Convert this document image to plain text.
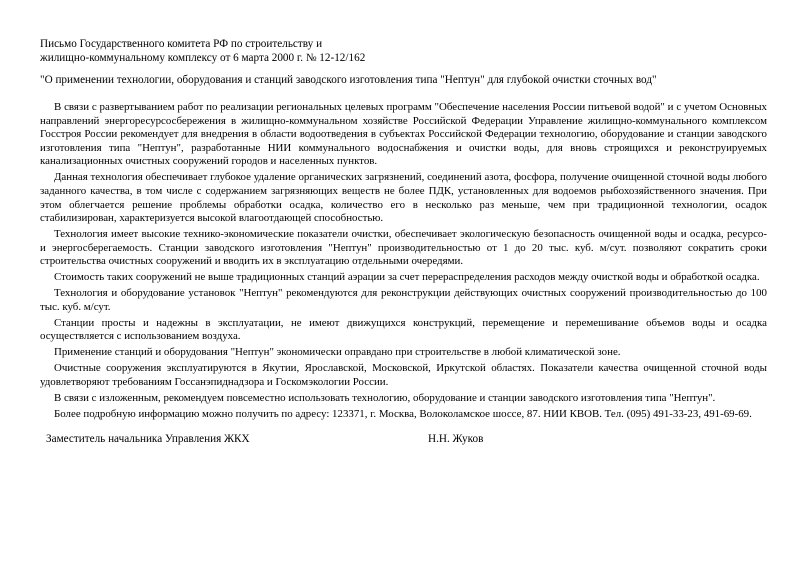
Письмо Государственного комитета РФ по строительству и
жилищно-коммунальному комплексу от 6 марта 2000 г. № 12-12/162
"О применении технологии, оборудования и станций заводского изготовления типа "Нептун" для глубокой очистки сточных вод"

В связи с развертыванием работ по реализации региональных целевых программ "Обеспечение населения России питьевой водой" и с учетом Основных направлений энергоресурсосбережения в жилищно-коммунальном хозяйстве Российской Федерации Управление жилищно-коммунального комплексом Госстроя России рекомендует для внедрения в области водоотведения в субъектах Российской Федерации технологию, оборудование и станции заводского изготовления типа "Нептун", разработанные НИИ коммунального водоснабжения и очистки воды, для вновь строящихся и реконструируемых канализационных очистных сооружений городов и населенных пунктов.

Данная технология обеспечивает глубокое удаление органических загрязнений, соединений азота, фосфора, получение очищенной сточной воды любого заданного качества, в том числе с содержанием загрязняющих веществ не более ПДК, установленных для водоемов рыбохозяйственного значения. При этом облегчается решение проблемы обработки осадка, количество его в несколько раз меньше, чем при традиционной технологии, осадок стабилизирован, характеризуется высокой влагоотдающей способностью.

Технология имеет высокие технико-экономические показатели очистки, обеспечивает экологическую безопасность очищенной воды и осадка, ресурсо- и энергосберегаемость. Станции заводского изготовления "Нептун" производительностью от 1 до 20 тыс. куб. м/сут. позволяют сократить сроки строительства очистных сооружений и вводить их в эксплуатацию отдельными очередями.

Стоимость таких сооружений не выше традиционных станций аэрации за счет перераспределения расходов между очисткой воды и обработкой осадка.

Технология и оборудование установок "Нептун" рекомендуются для реконструкции действующих очистных сооружений производительностью до 100 тыс. куб. м/сут.

Станции просты и надежны в эксплуатации, не имеют движущихся конструкций, перемещение и перемешивание объемов воды и осадка осуществляется с использованием воздуха.

Применение станций и оборудования "Нептун" экономически оправдано при строительстве в любой климатической зоне.

Очистные сооружения эксплуатируются в Якутии, Ярославской, Московской, Иркутской областях. Показатели качества очищенной сточной воды удовлетворяют требованиям Госсанэпиднадзора и Госкомэкологии России.

В связи с изложенным, рекомендуем повсеместно использовать технологию, оборудование и станции заводского изготовления типа "Нептун".

Более подробную информацию можно получить по адресу: 123371, г. Москва, Волоколамское шоссе, 87. НИИ КВОВ. Тел. (095) 491-33-23, 491-69-69.

Заместитель начальника Управления ЖКХ	Н.Н. Жуков
